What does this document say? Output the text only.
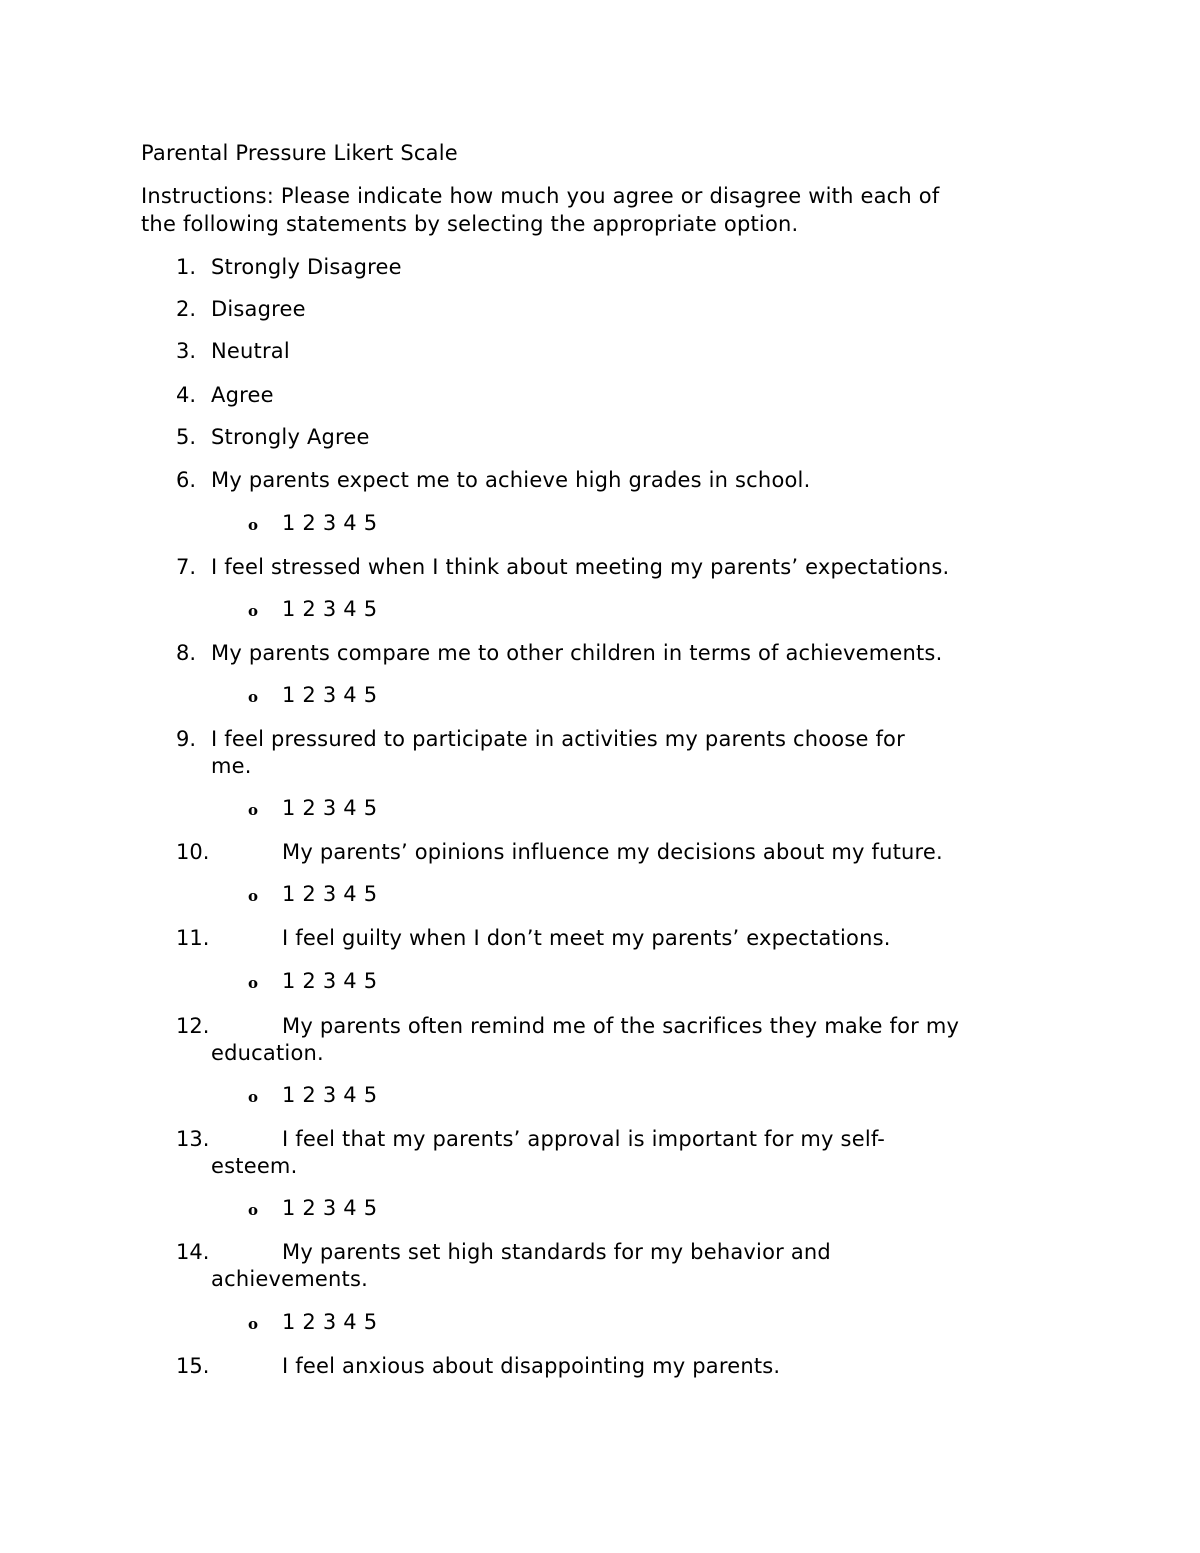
Parental Pressure Likert Scale
Instructions: Please indicate how much you agree or disagree with each of
the following statements by selecting the appropriate option.
1. Strongly Disagree
2. Disagree
3. Neutral
4. Agree
5. Strongly Agree
6. My parents expect me to achieve high grades in school.
o 1 2 3 4 5
7. I feel stressed when I think about meeting my parents’ expectations.
o 1 2 3 4 5
8. My parents compare me to other children in terms of achievements.
o 1 2 3 4 5
9. I feel pressured to participate in activities my parents choose for
me.
o 1 2 3 4 5
10.	My parents’ opinions influence my decisions about my future.
o 1 2 3 4 5
11.	I feel guilty when I don’t meet my parents’ expectations.
o 1 2 3 4 5
12.	My parents often remind me of the sacrifices they make for my
education.
o 1 2 3 4 5
13.	I feel that my parents’ approval is important for my self-
esteem.
o 1 2 3 4 5
14.	My parents set high standards for my behavior and
achievements.
o 1 2 3 4 5
15.	I feel anxious about disappointing my parents.
